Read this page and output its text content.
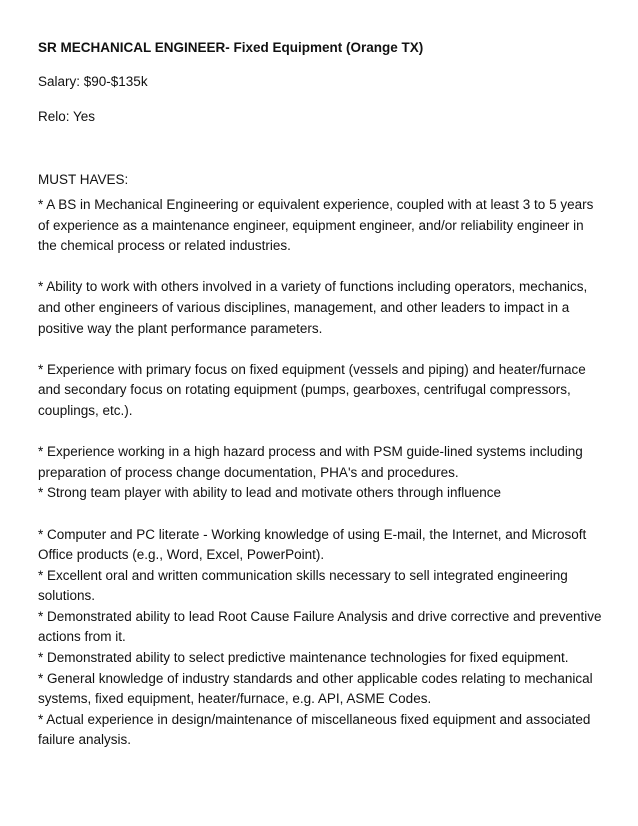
SR MECHANICAL ENGINEER- Fixed Equipment (Orange TX)

Salary: $90-$135k

Relo: Yes

MUST HAVES:

* A BS in Mechanical Engineering or equivalent experience, coupled with at least 3 to 5 years of experience as a maintenance engineer, equipment engineer, and/or reliability engineer in the chemical process or related industries.

* Ability to work with others involved in a variety of functions including operators, mechanics, and other engineers of various disciplines, management, and other leaders to impact in a positive way the plant performance parameters.

* Experience with primary focus on fixed equipment (vessels and piping) and heater/furnace and secondary focus on rotating equipment (pumps, gearboxes, centrifugal compressors, couplings, etc.).

* Experience working in a high hazard process and with PSM guide-lined systems including preparation of process change documentation, PHA's and procedures.

* Strong team player with ability to lead and motivate others through influence

* Computer and PC literate - Working knowledge of using E-mail, the Internet, and Microsoft Office products (e.g., Word, Excel, PowerPoint).

* Excellent oral and written communication skills necessary to sell integrated engineering solutions.

* Demonstrated ability to lead Root Cause Failure Analysis and drive corrective and preventive actions from it.

* Demonstrated ability to select predictive maintenance technologies for fixed equipment.

* General knowledge of industry standards and other applicable codes relating to mechanical systems, fixed equipment, heater/furnace, e.g. API, ASME Codes.

* Actual experience in design/maintenance of miscellaneous fixed equipment and associated failure analysis.
